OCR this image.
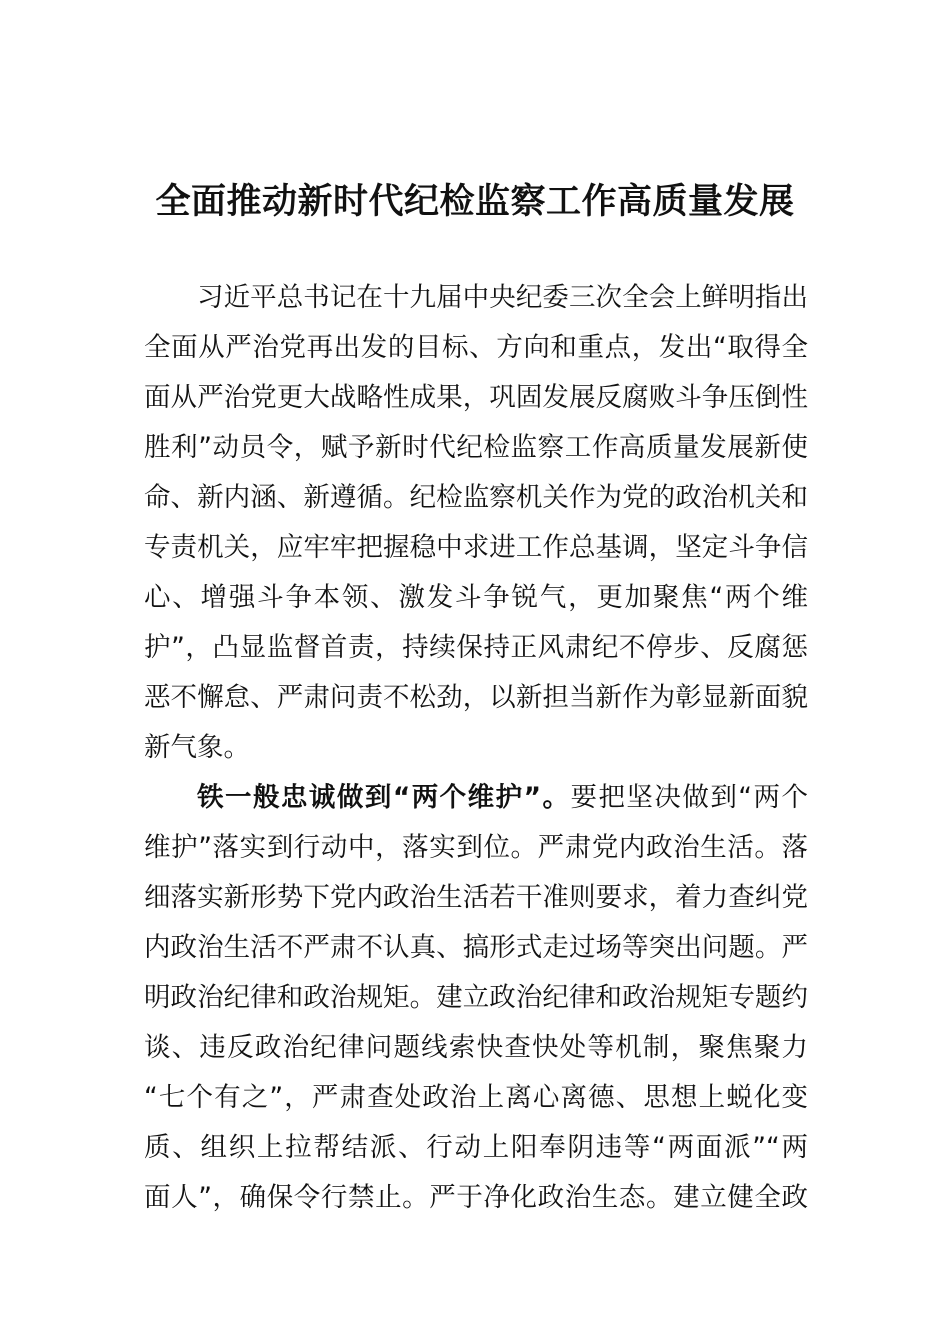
全面推动新时代纪检监察工作高质量发展
习近平总书记在十九届中央纪委三次全会上鲜明指出
全面从严治党再出发的目标、方向和重点，发出“取得全
面从严治党更大战略性成果，巩固发展反腐败斗争压倒性
胜利”动员令，赋予新时代纪检监察工作高质量发展新使
命、新内涵、新遵循。纪检监察机关作为党的政治机关和
专责机关，应牢牢把握稳中求进工作总基调，坚定斗争信
心、增强斗争本领、激发斗争锐气，更加聚焦“两个维
护”，凸显监督首责，持续保持正风肃纪不停步、反腐惩
恶不懈怠、严肃问责不松劲，以新担当新作为彰显新面貌
新气象。
铁一般忠诚做到“两个维护”。要把坚决做到“两个
维护”落实到行动中，落实到位。严肃党内政治生活。落
细落实新形势下党内政治生活若干准则要求，着力查纠党
内政治生活不严肃不认真、搞形式走过场等突出问题。严
明政治纪律和政治规矩。建立政治纪律和政治规矩专题约
谈、违反政治纪律问题线索快查快处等机制，聚焦聚力
“七个有之”，严肃查处政治上离心离德、思想上蜕化变
质、组织上拉帮结派、行动上阳奉阴违等“两面派”“两
面人”，确保令行禁止。严于净化政治生态。建立健全政
